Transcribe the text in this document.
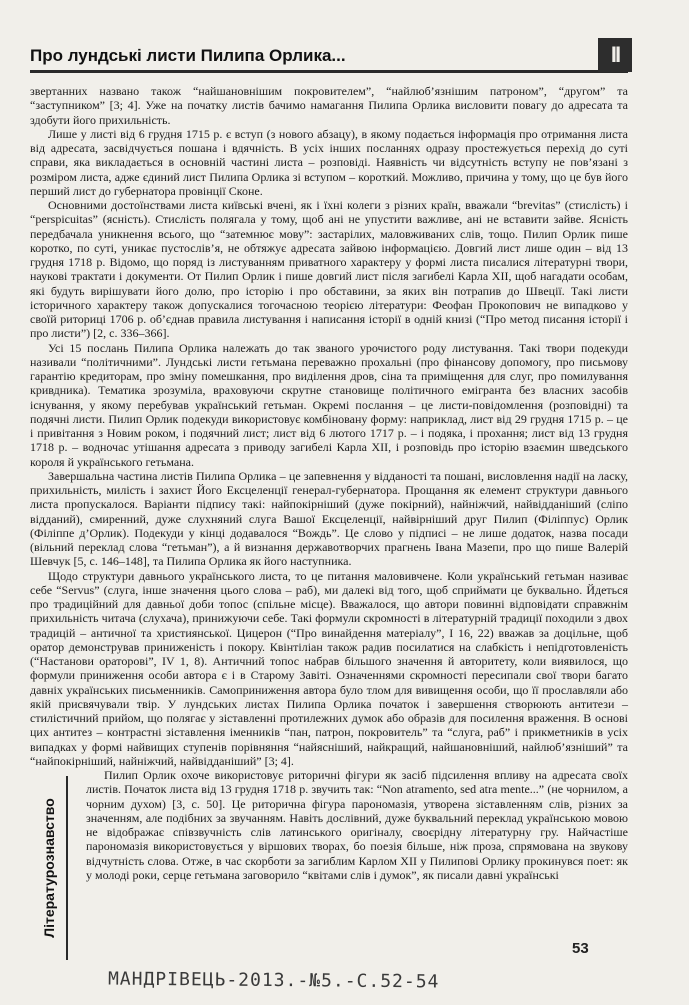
Про лундські листи Пилипа Орлика...	ІІ

звертанних названо також “найшановнішим покровителем”, “найлюб’язнішим патроном”, “другом” та “заступником” [3; 4]. Уже на початку листів бачимо намагання Пилипа Орлика висловити повагу до адресата та здобути його прихильність.

Лише у листі від 6 грудня 1715 р. є вступ (з нового абзацу), в якому подається інформація про отримання листа від адресата, засвідчується пошана і вдячність. В усіх інших посланнях одразу простежується перехід до суті справи, яка викладається в основній частині листа – розповіді. Наявність чи відсутність вступу не пов’язані з розміром листа, адже єдиний лист Пилипа Орлика зі вступом – короткий. Можливо, причина у тому, що це був його перший лист до губернатора провінції Сконе.

Основними достоїнствами листа київські вчені, як і їхні колеги з різних країн, вважали “brevitas” (стислість) і “perspicuitas” (ясність). Стислість полягала у тому, щоб ані не упустити важливе, ані не вставити зайве. Ясність передбачала уникнення всього, що “затемнює мову”: застарілих, маловживаних слів, тощо. Пилип Орлик пише коротко, по суті, уникає пустослів’я, не обтяжує адресата зайвою інформацією. Довгий лист лише один – від 13 грудня 1718 р. Відомо, що поряд із листуванням приватного характеру у формі листа писалися літературні твори, наукові трактати і документи. От Пилип Орлик і пише довгий лист після загибелі Карла XII, щоб нагадати особам, які будуть вирішувати його долю, про історію і про обставини, за яких він потрапив до Швеції. Такі листи історичного характеру також допускалися тогочасною теорією літератури: Феофан Прокопович не випадково у своїй риториці 1706 р. об’єднав правила листування і написання історії в одній книзі (“Про метод писання історії і про листи”) [2, с. 336–366].

Усі 15 послань Пилипа Орлика належать до так званого урочистого роду листування. Такі твори подекуди називали “політичними”. Лундські листи гетьмана переважно прохальні (про фінансову допомогу, про письмову гарантію кредиторам, про зміну помешкання, про виділення дров, сіна та приміщення для слуг, про помилування кривдника). Тематика зрозуміла, враховуючи скрутне становище політичного емігранта без власних засобів існування, у якому перебував український гетьман. Окремі послання – це листи-повідомлення (розповідні) та подячні листи. Пилип Орлик подекуди використовує комбіновану форму: наприклад, лист від 29 грудня 1715 р. – це і привітання з Новим роком, і подячний лист; лист від 6 лютого 1717 р. – і подяка, і прохання; лист від 13 грудня 1718 р. – водночас утішання адресата з приводу загибелі Карла XII, і розповідь про історію взаємин шведського короля й українського гетьмана.

Завершальна частина листів Пилипа Орлика – це запевнення у відданості та пошані, висловлення надії на ласку, прихильність, милість і захист Його Ексцеленції генерал-губернатора. Прощання як елемент структури давнього листа пропускалося. Варіанти підпису такі: найпокірніший (дуже покірний), найніжчий, найвідданіший (сліпо відданий), смиренний, дуже слухняний слуга Вашої Ексцеленції, найвірніший друг Пилип (Філіппус) Орлик (Філіппе д’Орлик). Подекуди у кінці додавалося “Вождь”. Це слово у підписі – не лише додаток, назва посади (вільний переклад слова “гетьман”), а й визнання державотворчих прагнень Івана Мазепи, про що пише Валерій Шевчук [5, с. 146–148], та Пилипа Орлика як його наступника.

Щодо структури давнього українського листа, то це питання маловивчене. Коли український гетьман називає себе “Servus” (слуга, інше значення цього слова – раб), ми далекі від того, щоб сприймати це буквально. Йдеться про традиційний для давньої доби топос (спільне місце). Вважалося, що автори повинні відповідати справжнім прихильність читача (слухача), принижуючи себе. Такі формули скромності в літературній традиції походили з двох традицій – античної та християнської. Цицерон (“Про винайдення матеріалу”, I 16, 22) вважав за доцільне, щоб оратор демонстрував приниженість і покору. Квінтіліан також радив посилатися на слабкість і непідготовленість (“Настанови ораторові”, IV 1, 8). Античний топос набрав більшого значення й авторитету, коли виявилося, що формули приниження особи автора є і в Старому Завіті. Означеннями скромності пересипали свої твори багато давніх українських письменників. Самоприниження автора було тлом для вивищення особи, що її прославляли або якій присвячували твір. У лундських листах Пилипа Орлика початок і завершення створюють антитези – стилістичний прийом, що полягає у зіставленні протилежних думок або образів для посилення враження. В основі цих антитез – контрастні зіставлення іменників “пан, патрон, покровитель” та “слуга, раб” і прикметників в усіх випадках у формі найвищих ступенів порівняння “найясніший, найкращий, найшановніший, найлюб’язніший” та “найпокірніший, найніжчий, найвідданіший” [3; 4].

Пилип Орлик охоче використовує риторичні фігури як засіб підсилення впливу на адресата своїх листів. Початок листа від 13 грудня 1718 р. звучить так: “Non atramento, sed atra mente...” (не чорнилом, а чорним духом) [3, с. 50]. Це риторична фігура парономазія, утворена зіставленням слів, різних за значенням, але подібних за звучанням. Навіть дослівний, дуже буквальний переклад українською мовою не відображає співзвучність слів латинського оригіналу, своєрідну літературну гру. Найчастіше парономазія використовується у віршових творах, бо поезія більше, ніж проза, спрямована на звукову відчутність слова. Отже, в час скорботи за загиблим Карлом XII у Пилипові Орлику прокинувся поет: як у молоді роки, серце гетьмана заговорило “квітами слів і думок”, як писали давні українські

Літературознавство
53
МАНДРІВЕЦЬ-2013.-№5.-С.52-54
